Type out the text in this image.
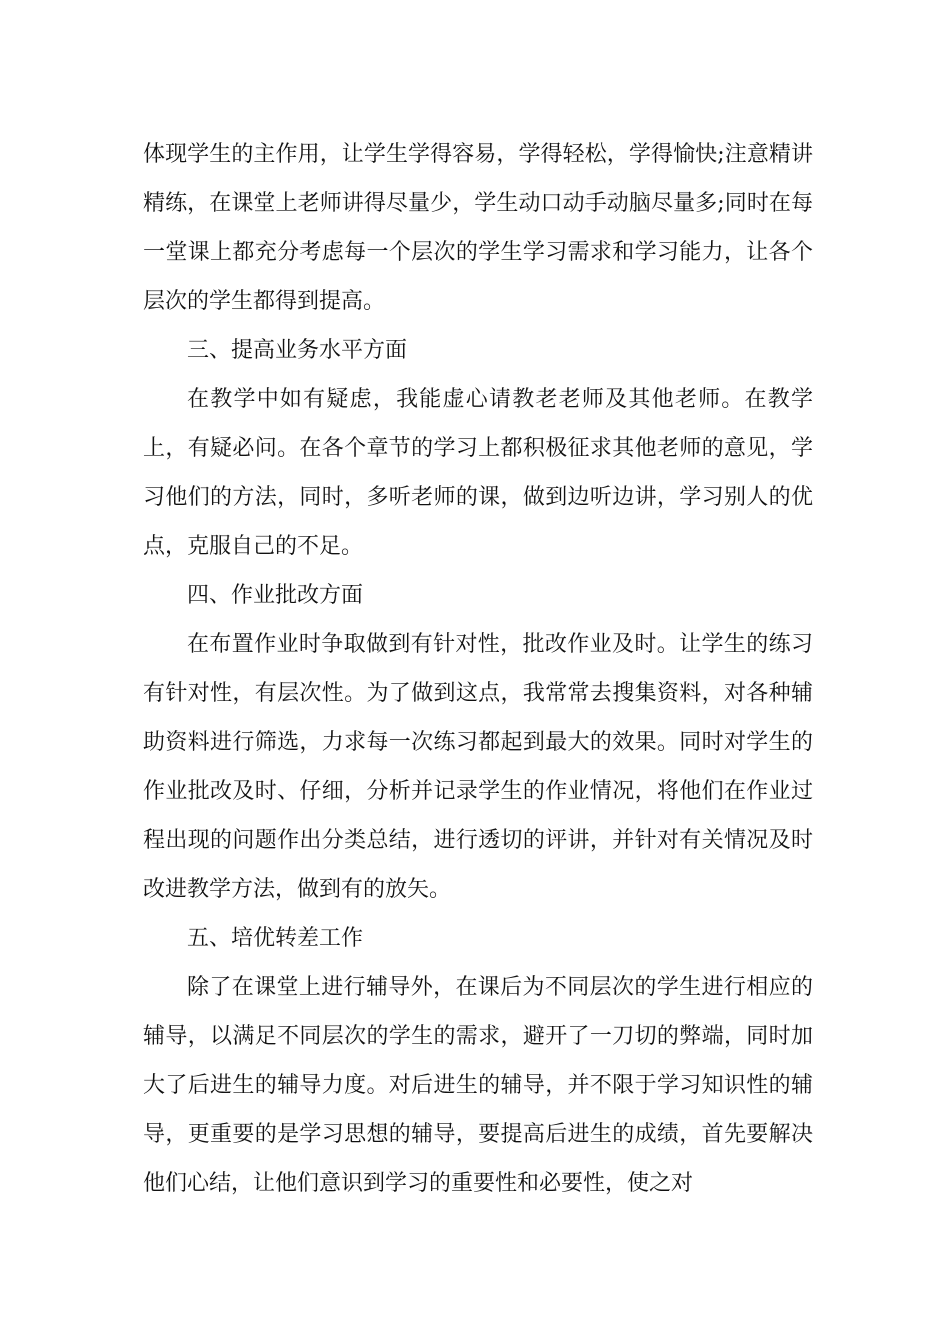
体现学生的主作用，让学生学得容易，学得轻松，学得愉快;注意精讲精练，在课堂上老师讲得尽量少，学生动口动手动脑尽量多;同时在每一堂课上都充分考虑每一个层次的学生学习需求和学习能力，让各个层次的学生都得到提高。

三、提高业务水平方面

在教学中如有疑虑，我能虚心请教老老师及其他老师。在教学上，有疑必问。在各个章节的学习上都积极征求其他老师的意见，学习他们的方法，同时，多听老师的课，做到边听边讲，学习别人的优点，克服自己的不足。

四、作业批改方面

在布置作业时争取做到有针对性，批改作业及时。让学生的练习有针对性，有层次性。为了做到这点，我常常去搜集资料，对各种辅助资料进行筛选，力求每一次练习都起到最大的效果。同时对学生的作业批改及时、仔细，分析并记录学生的作业情况，将他们在作业过程出现的问题作出分类总结，进行透切的评讲，并针对有关情况及时改进教学方法，做到有的放矢。

五、培优转差工作

除了在课堂上进行辅导外，在课后为不同层次的学生进行相应的辅导，以满足不同层次的学生的需求，避开了一刀切的弊端，同时加大了后进生的辅导力度。对后进生的辅导，并不限于学习知识性的辅导，更重要的是学习思想的辅导，要提高后进生的成绩，首先要解决他们心结，让他们意识到学习的重要性和必要性，使之对
